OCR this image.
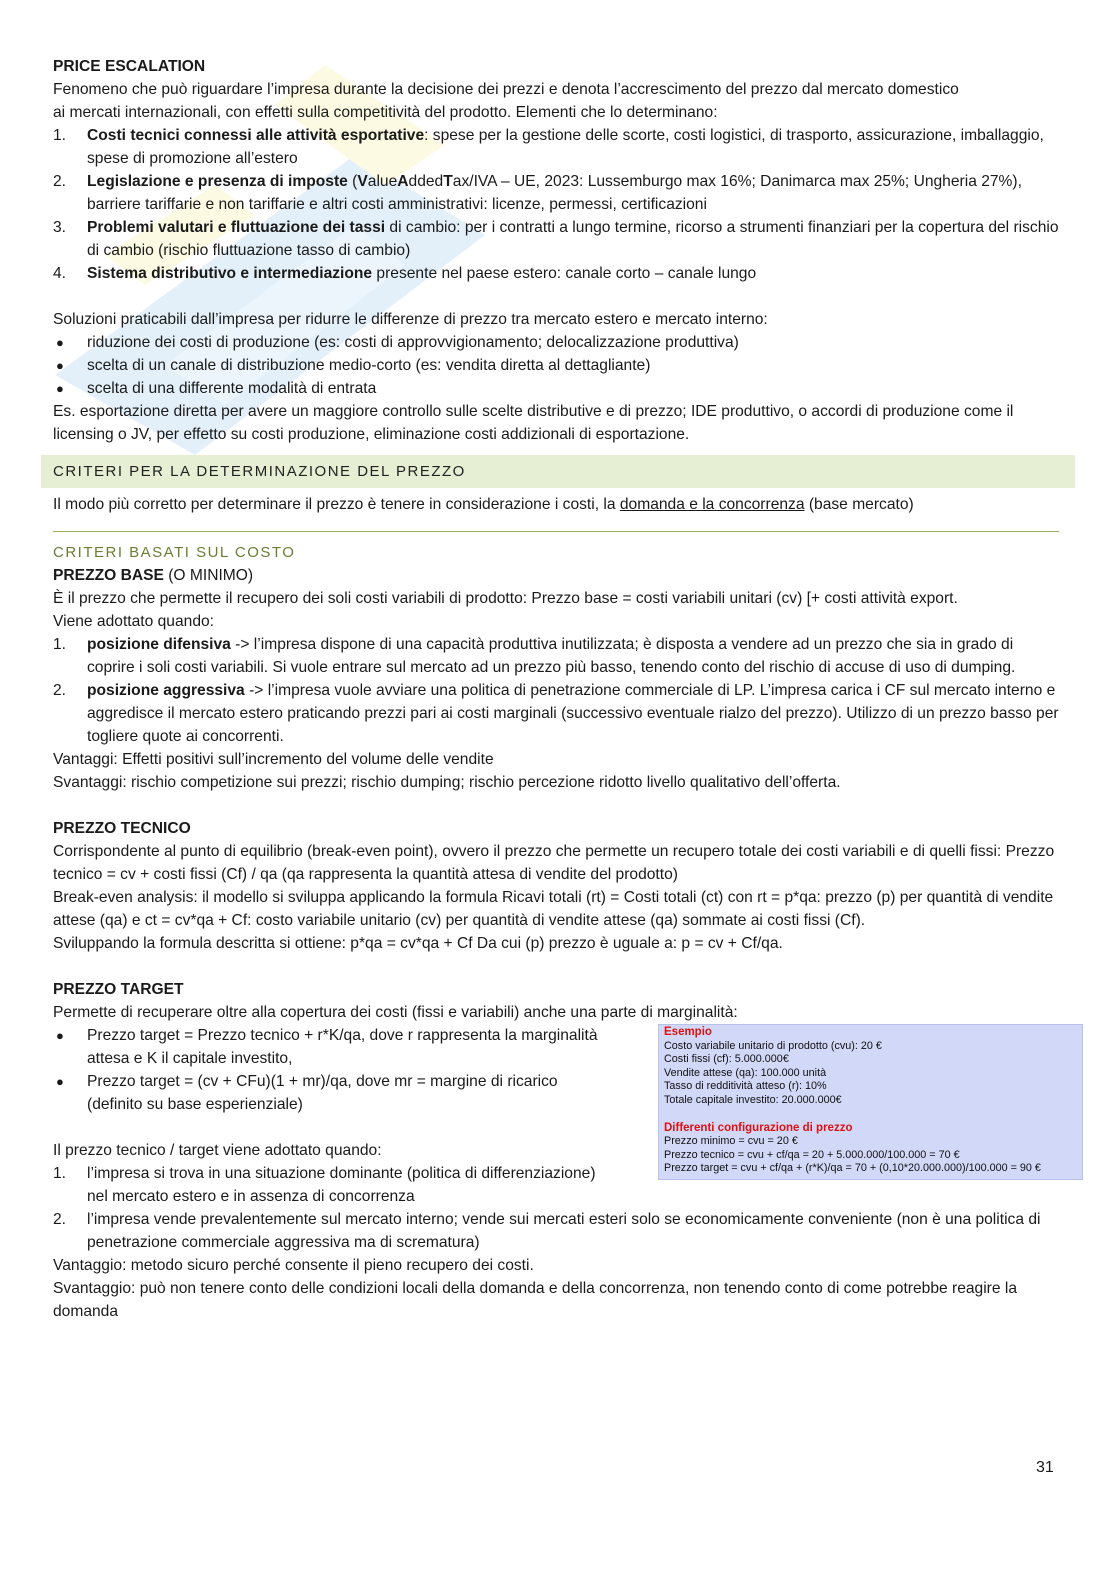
PRICE ESCALATION

Fenomeno che può riguardare l’impresa durante la decisione dei prezzi e denota l’accrescimento del prezzo dal mercato domestico
ai mercati internazionali, con effetti sulla competitività del prodotto. Elementi che lo determinano:

1. Costi tecnici connessi alle attività esportative: spese per la gestione delle scorte, costi logistici, di trasporto, assicurazione, imballaggio, spese di promozione all’estero
2. Legislazione e presenza di imposte (ValueAddedTax/IVA – UE, 2023: Lussemburgo max 16%; Danimarca max 25%; Ungheria 27%), barriere tariffarie e non tariffarie e altri costi amministrativi: licenze, permessi, certificazioni
3. Problemi valutari e fluttuazione dei tassi di cambio: per i contratti a lungo termine, ricorso a strumenti finanziari per la copertura del rischio di cambio (rischio fluttuazione tasso di cambio)
4. Sistema distributivo e intermediazione presente nel paese estero: canale corto – canale lungo

Soluzioni praticabili dall’impresa per ridurre le differenze di prezzo tra mercato estero e mercato interno:

● riduzione dei costi di produzione (es: costi di approvvigionamento; delocalizzazione produttiva)
● scelta di un canale di distribuzione medio-corto (es: vendita diretta al dettagliante)
● scelta di una differente modalità di entrata

Es. esportazione diretta per avere un maggiore controllo sulle scelte distributive e di prezzo; IDE produttivo, o accordi di produzione come il licensing o JV, per effetto su costi produzione, eliminazione costi addizionali di esportazione.

CRITERI PER LA DETERMINAZIONE DEL PREZZO

Il modo più corretto per determinare il prezzo è tenere in considerazione i costi, la domanda e la concorrenza (base mercato)

CRITERI BASATI SUL COSTO

PREZZO BASE (O MINIMO)

È il prezzo che permette il recupero dei soli costi variabili di prodotto: Prezzo base = costi variabili unitari (cv) [+ costi attività export.

Viene adottato quando:

1. posizione difensiva -> l’impresa dispone di una capacità produttiva inutilizzata; è disposta a vendere ad un prezzo che sia in grado di coprire i soli costi variabili. Si vuole entrare sul mercato ad un prezzo più basso, tenendo conto del rischio di accuse di uso di dumping.
2. posizione aggressiva -> l’impresa vuole avviare una politica di penetrazione commerciale di LP. L’impresa carica i CF sul mercato interno e aggredisce il mercato estero praticando prezzi pari ai costi marginali (successivo eventuale rialzo del prezzo). Utilizzo di un prezzo basso per togliere quote ai concorrenti.

Vantaggi: Effetti positivi sull’incremento del volume delle vendite

Svantaggi: rischio competizione sui prezzi; rischio dumping; rischio percezione ridotto livello qualitativo dell’offerta.

PREZZO TECNICO

Corrispondente al punto di equilibrio (break-even point), ovvero il prezzo che permette un recupero totale dei costi variabili e di quelli fissi: Prezzo tecnico = cv + costi fissi (Cf) / qa (qa rappresenta la quantità attesa di vendite del prodotto)

Break-even analysis: il modello si sviluppa applicando la formula Ricavi totali (rt) = Costi totali (ct) con rt = p*qa: prezzo (p) per quantità di vendite attese (qa) e ct = cv*qa + Cf: costo variabile unitario (cv) per quantità di vendite attese (qa) sommate ai costi fissi (Cf).

Sviluppando la formula descritta si ottiene: p*qa = cv*qa + Cf Da cui (p) prezzo è uguale a: p = cv + Cf/qa.

PREZZO TARGET

Permette di recuperare oltre alla copertura dei costi (fissi e variabili) anche una parte di marginalità:

● Prezzo target = Prezzo tecnico + r*K/qa, dove r rappresenta la marginalità attesa e K il capitale investito,
● Prezzo target = (cv + CFu)(1 + mr)/qa, dove mr = margine di ricarico (definito su base esperienziale)

Il prezzo tecnico / target viene adottato quando:

1. l’impresa si trova in una situazione dominante (politica di differenziazione) nel mercato estero e in assenza di concorrenza
Esempio
Costo variabile unitario di prodotto (cvu): 20 €
Costi fissi (cf): 5.000.000€
Vendite attese (qa): 100.000 unità
Tasso di redditività atteso (r): 10%
Totale capitale investito: 20.000.000€
Differenti configurazione di prezzo
Prezzo minimo = cvu = 20 €
Prezzo tecnico = cvu + cf/qa = 20 + 5.000.000/100.000 = 70 €
Prezzo target = cvu + cf/qa + (r*K)/qa = 70 + (0,10*20.000.000)/100.000 = 90 €
2. l’impresa vende prevalentemente sul mercato interno; vende sui mercati esteri solo se economicamente conveniente (non è una politica di penetrazione commerciale aggressiva ma di scrematura)

Vantaggio: metodo sicuro perché consente il pieno recupero dei costi.

Svantaggio: può non tenere conto delle condizioni locali della domanda e della concorrenza, non tenendo conto di come potrebbe reagire la domanda

31
